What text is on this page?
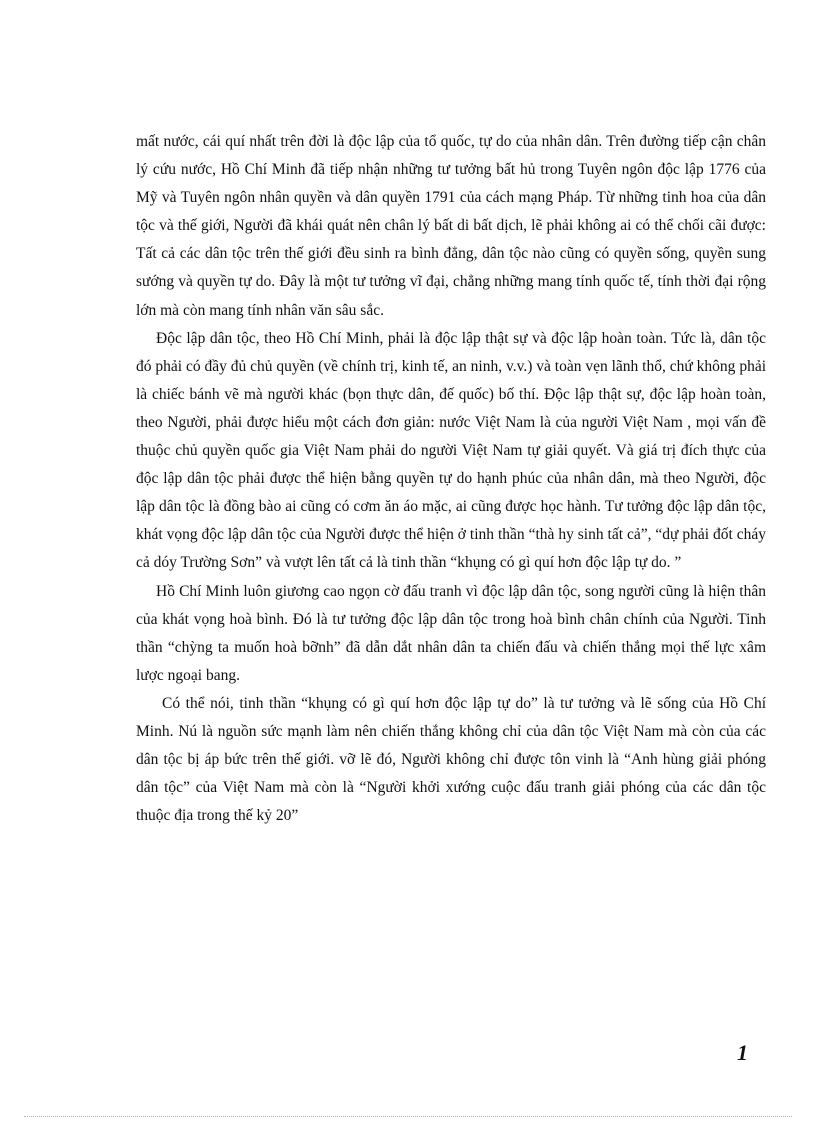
mất nước, cái quí nhất trên đời là độc lập của tổ quốc, tự do của nhân dân. Trên đường tiếp cận chân lý cứu nước, Hồ Chí Minh đã tiếp nhận những tư tưởng bất hủ trong Tuyên ngôn độc lập 1776 của Mỹ và Tuyên ngôn nhân quyền và dân quyền 1791 của cách mạng Pháp. Từ những tinh hoa của dân tộc và thế giới, Người đã khái quát nên chân lý bất di bất dịch, lẽ phải không ai có thể chối cãi được: Tất cả các dân tộc trên thế giới đều sinh ra bình đẳng, dân tộc nào cũng có quyền sống, quyền sung sướng và quyền tự do. Đây là một tư tưởng vĩ đại, chẳng những mang tính quốc tế, tính thời đại rộng lớn mà còn mang tính nhân văn sâu sắc.

Độc lập dân tộc, theo Hồ Chí Minh, phải là độc lập thật sự và độc lập hoàn toàn. Tức là, dân tộc đó phải có đầy đủ chủ quyền (về chính trị, kinh tế, an ninh, v.v.) và toàn vẹn lãnh thổ, chứ không phải là chiếc bánh vẽ mà người khác (bọn thực dân, đế quốc) bố thí. Độc lập thật sự, độc lập hoàn toàn, theo Người, phải được hiểu một cách đơn giản: nước Việt Nam là của người Việt Nam , mọi vấn đề thuộc chủ quyền quốc gia Việt Nam phải do người Việt Nam tự giải quyết. Và giá trị đích thực của độc lập dân tộc phải được thể hiện bằng quyền tự do hạnh phúc của nhân dân, mà theo Người, độc lập dân tộc là đồng bào ai cũng có cơm ăn áo mặc, ai cũng được học hành. Tư tưởng độc lập dân tộc, khát vọng độc lập dân tộc của Người được thể hiện ở tinh thần “thà hy sinh tất cả”, “dự phải đốt cháy cả dóy Trường Sơn” và vượt lên tất cả là tinh thần “khụng có gì quí hơn độc lập tự do. ”

Hồ Chí Minh luôn giương cao ngọn cờ đấu tranh vì độc lập dân tộc, song người cũng là hiện thân của khát vọng hoà bình. Đó là tư tưởng độc lập dân tộc trong hoà bình chân chính của Người. Tinh thần “chỳng ta muốn hoà bỡnh” đã dẫn dắt nhân dân ta chiến đấu và chiến thắng mọi thế lực xâm lược ngoại bang.

Có thể nói, tinh thần “khụng có gì quí hơn độc lập tự do” là tư tưởng và lẽ sống của Hồ Chí Minh. Nú là nguồn sức mạnh làm nên chiến thắng không chỉ của dân tộc Việt Nam mà còn của các dân tộc bị áp bức trên thế giới. vỡ lẽ đó, Người không chỉ được tôn vinh là “Anh hùng giải phóng dân tộc” của Việt Nam mà còn là “Người khởi xướng cuộc đấu tranh giải phóng của các dân tộc thuộc địa trong thế kỷ 20”

1
